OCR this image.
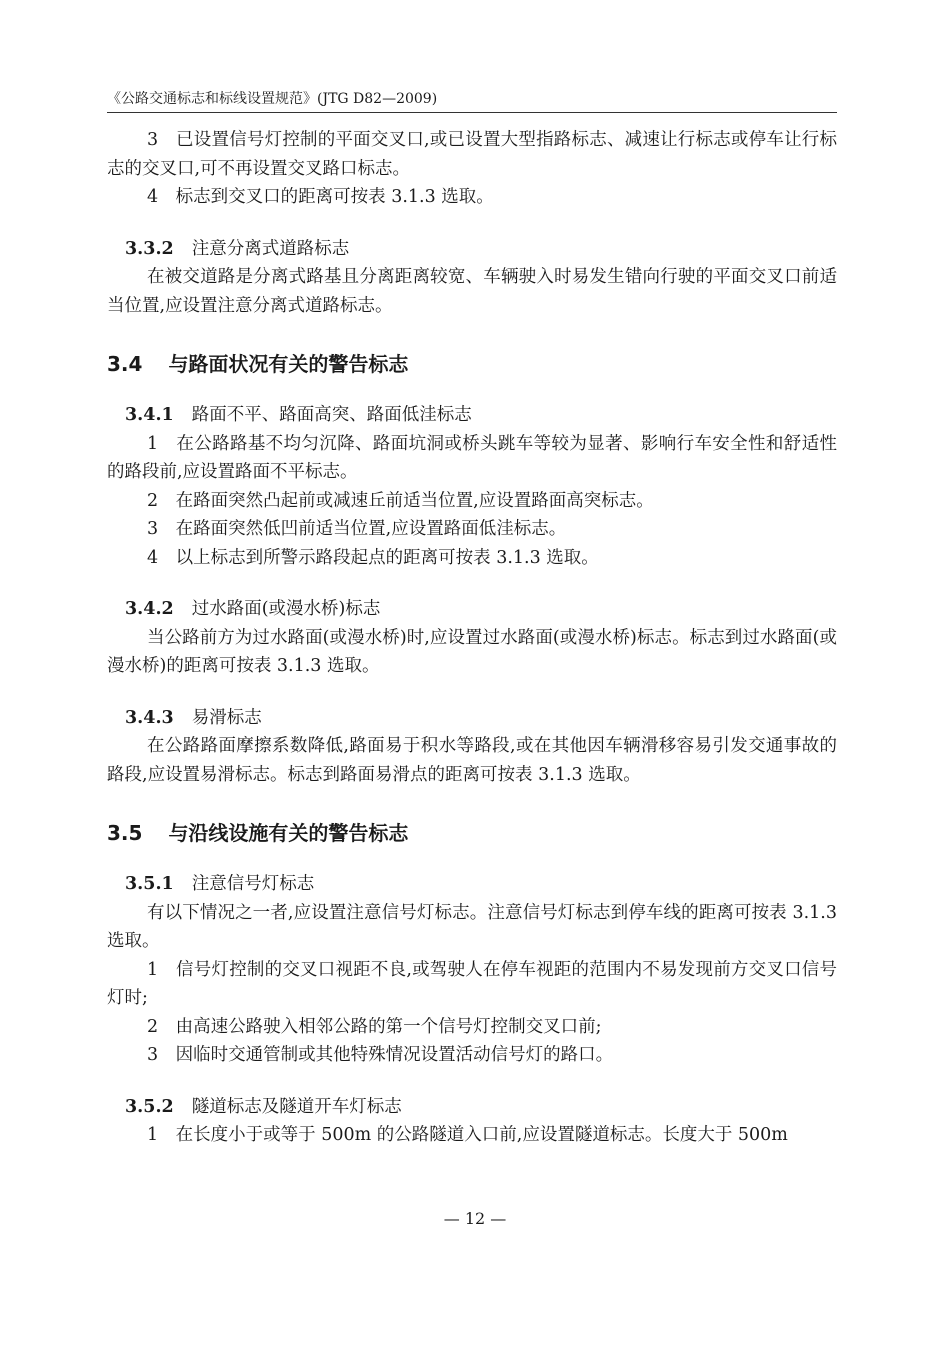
《公路交通标志和标线设置规范》(JTG D82—2009)

3　已设置信号灯控制的平面交叉口,或已设置大型指路标志、减速让行标志或停车让行标志的交叉口,可不再设置交叉路口标志。

4　标志到交叉口的距离可按表 3.1.3 选取。

3.3.2 注意分离式道路标志

在被交道路是分离式路基且分离距离较宽、车辆驶入时易发生错向行驶的平面交叉口前适当位置,应设置注意分离式道路标志。

3.4 与路面状况有关的警告标志
3.4.1 路面不平、路面高突、路面低洼标志

1　在公路路基不均匀沉降、路面坑洞或桥头跳车等较为显著、影响行车安全性和舒适性的路段前,应设置路面不平标志。

2　在路面突然凸起前或减速丘前适当位置,应设置路面高突标志。

3　在路面突然低凹前适当位置,应设置路面低洼标志。

4　以上标志到所警示路段起点的距离可按表 3.1.3 选取。

3.4.2 过水路面(或漫水桥)标志

当公路前方为过水路面(或漫水桥)时,应设置过水路面(或漫水桥)标志。标志到过水路面(或漫水桥)的距离可按表 3.1.3 选取。

3.4.3 易滑标志

在公路路面摩擦系数降低,路面易于积水等路段,或在其他因车辆滑移容易引发交通事故的路段,应设置易滑标志。标志到路面易滑点的距离可按表 3.1.3 选取。

3.5 与沿线设施有关的警告标志
3.5.1 注意信号灯标志

有以下情况之一者,应设置注意信号灯标志。注意信号灯标志到停车线的距离可按表 3.1.3 选取。

1　信号灯控制的交叉口视距不良,或驾驶人在停车视距的范围内不易发现前方交叉口信号灯时;

2　由高速公路驶入相邻公路的第一个信号灯控制交叉口前;

3　因临时交通管制或其他特殊情况设置活动信号灯的路口。

3.5.2 隧道标志及隧道开车灯标志

1　在长度小于或等于 500m 的公路隧道入口前,应设置隧道标志。长度大于 500m

— 12 —
